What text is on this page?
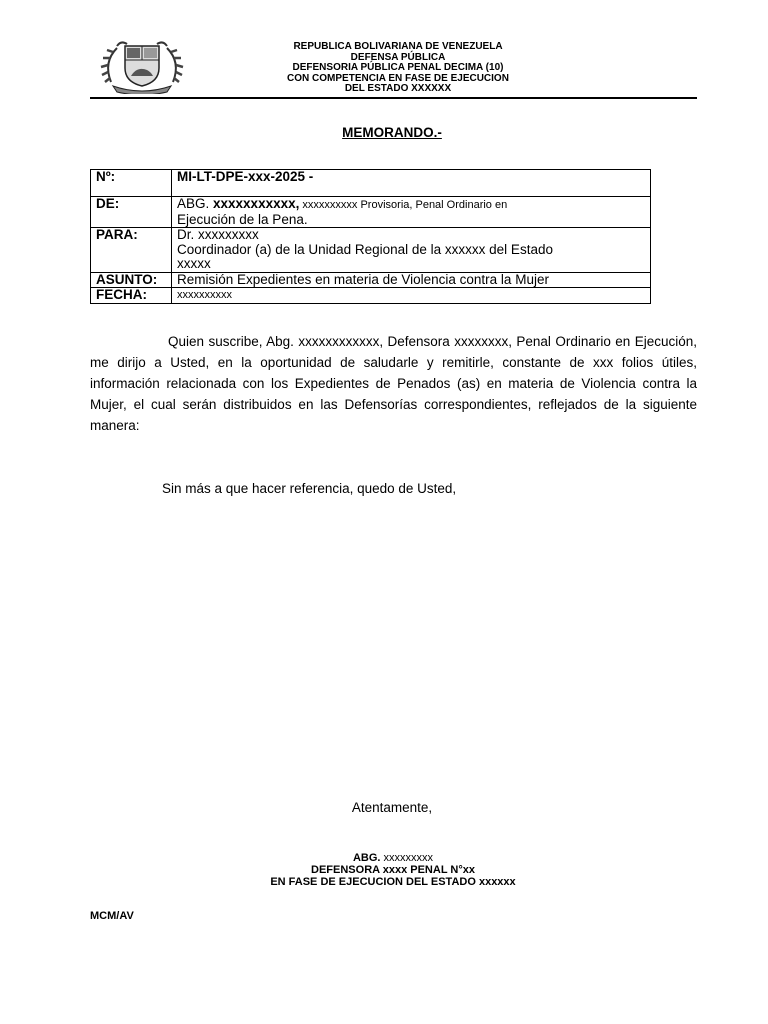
REPUBLICA BOLIVARIANA DE VENEZUELA
DEFENSA PÚBLICA
DEFENSORIA PÚBLICA PENAL DECIMA (10)
CON COMPETENCIA EN FASE DE EJECUCION
DEL ESTADO XXXXXX
MEMORANDO.-
Nº:	MI-LT-DPE-xxx-2025 -
DE:	ABG. xxxxxxxxxxx, xxxxxxxxxx Provisoria, Penal Ordinario en
Ejecución de la Pena.
PARA:	Dr. xxxxxxxxx
Coordinador (a) de la Unidad Regional de la xxxxxx del Estado
xxxxx

ASUNTO:	Remisión Expedientes en materia de Violencia contra la Mujer
FECHA:	xxxxxxxxxx
Quien suscribe, Abg. xxxxxxxxxxxx, Defensora xxxxxxxx, Penal Ordinario en Ejecución, me dirijo a Usted, en la oportunidad de saludarle y remitirle, constante de xxx folios útiles, información relacionada con los Expedientes de Penados (as) en materia de Violencia contra la Mujer, el cual serán distribuidos en las Defensorías correspondientes, reflejados de la siguiente manera:
Sin más a que hacer referencia, quedo de Usted,
Atentamente,
ABG. xxxxxxxxx
DEFENSORA xxxx PENAL N°xx
EN FASE DE EJECUCION DEL ESTADO xxxxxx
MCM/AV
